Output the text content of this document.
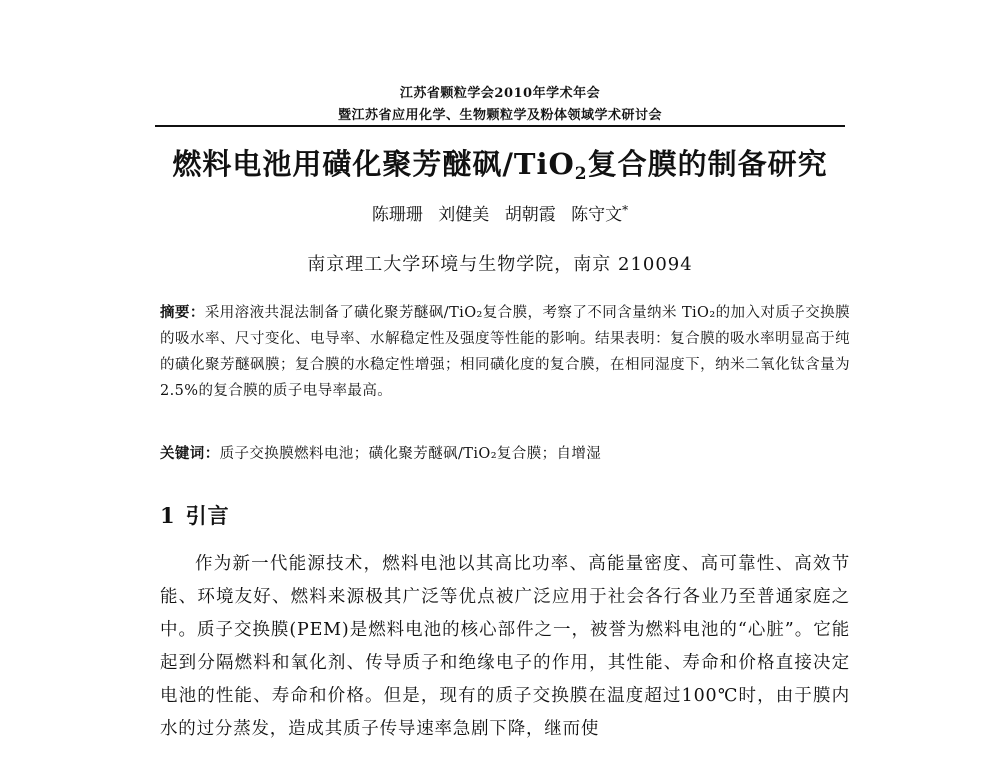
江苏省颗粒学会2010年学术年会
暨江苏省应用化学、生物颗粒学及粉体领域学术研讨会
燃料电池用磺化聚芳醚砜/TiO$_2$复合膜的制备研究
陈珊珊 刘健美 胡朝霞 陈守文*
南京理工大学环境与生物学院，南京 210094
摘要：采用溶液共混法制备了磺化聚芳醚砜/TiO₂复合膜，考察了不同含量纳米 TiO₂的加入对质子交换膜的吸水率、尺寸变化、电导率、水解稳定性及强度等性能的影响。结果表明：复合膜的吸水率明显高于纯的磺化聚芳醚砜膜；复合膜的水稳定性增强；相同磺化度的复合膜，在相同湿度下，纳米二氧化钛含量为2.5%的复合膜的质子电导率最高。
关键词：质子交换膜燃料电池；磺化聚芳醚砜/TiO₂复合膜；自增湿
1 引言
作为新一代能源技术，燃料电池以其高比功率、高能量密度、高可靠性、高效节能、环境友好、燃料来源极其广泛等优点被广泛应用于社会各行各业乃至普通家庭之中。质子交换膜(PEM)是燃料电池的核心部件之一，被誉为燃料电池的“心脏”。它能起到分隔燃料和氧化剂、传导质子和绝缘电子的作用，其性能、寿命和价格直接决定电池的性能、寿命和价格。但是，现有的质子交换膜在温度超过100℃时，由于膜内水的过分蒸发，造成其质子传导速率急剧下降，继而使
